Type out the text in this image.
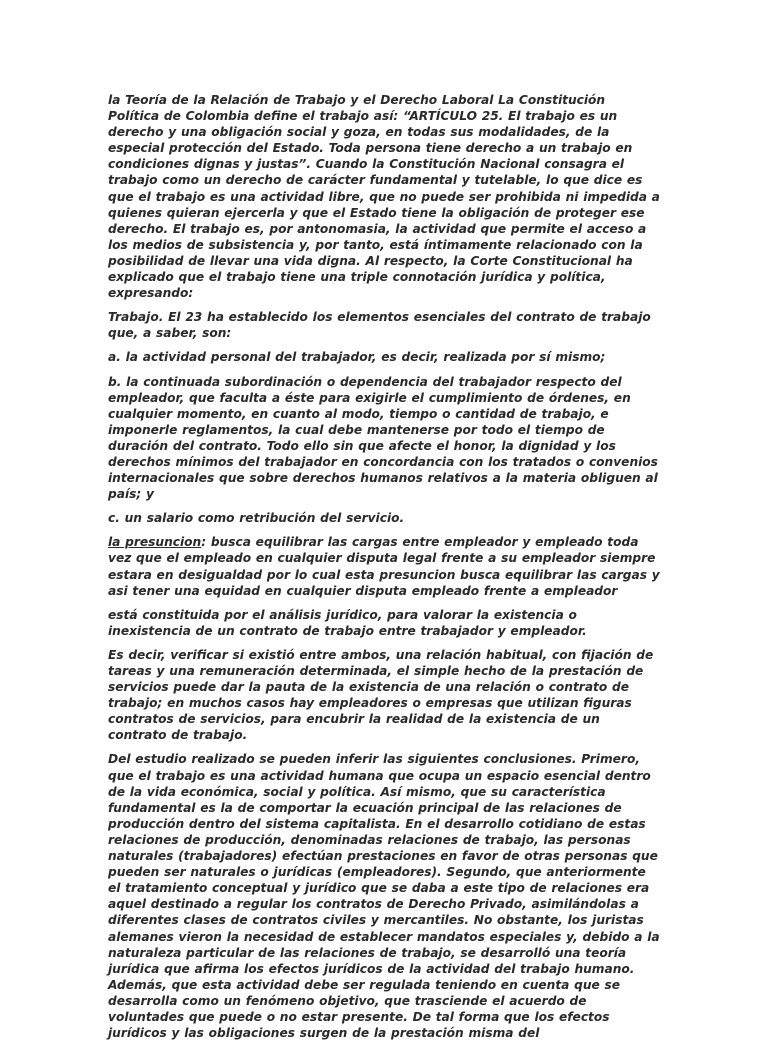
la Teoría de la Relación de Trabajo y el Derecho Laboral La Constitución Política de Colombia define el trabajo así: “ARTÍCULO 25. El trabajo es un derecho y una obligación social y goza, en todas sus modalidades, de la especial protección del Estado. Toda persona tiene derecho a un trabajo en condiciones dignas y justas”. Cuando la Constitución Nacional consagra el trabajo como un derecho de carácter fundamental y tutelable, lo que dice es que el trabajo es una actividad libre, que no puede ser prohibida ni impedida a quienes quieran ejercerla y que el Estado tiene la obligación de proteger ese derecho. El trabajo es, por antonomasia, la actividad que permite el acceso a los medios de subsistencia y, por tanto, está íntimamente relacionado con la posibilidad de llevar una vida digna. Al respecto, la Corte Constitucional ha explicado que el trabajo tiene una triple connotación jurídica y política, expresando:

Trabajo. El 23 ha establecido los elementos esenciales del contrato de trabajo que, a saber, son:

a. la actividad personal del trabajador, es decir, realizada por sí mismo;

b. la continuada subordinación o dependencia del trabajador respecto del empleador, que faculta a éste para exigirle el cumplimiento de órdenes, en cualquier momento, en cuanto al modo, tiempo o cantidad de trabajo, e imponerle reglamentos, la cual debe mantenerse por todo el tiempo de duración del contrato. Todo ello sin que afecte el honor, la dignidad y los derechos mínimos del trabajador en concordancia con los tratados o convenios internacionales que sobre derechos humanos relativos a la materia obliguen al país; y

c. un salario como retribución del servicio.

la presuncion: busca equilibrar las cargas entre empleador y empleado toda vez que el empleado en cualquier disputa legal frente a su empleador siempre estara en desigualdad por lo cual esta presuncion busca equilibrar las cargas y asi tener una equidad en cualquier disputa empleado frente a empleador

está constituida por el análisis jurídico, para valorar la existencia o inexistencia de un contrato de trabajo entre trabajador y empleador.

Es decir, verificar si existió entre ambos, una relación habitual, con fijación de tareas y una remuneración determinada, el simple hecho de la prestación de servicios puede dar la pauta de la existencia de una relación o contrato de trabajo; en muchos casos hay empleadores o empresas que utilizan figuras contratos de servicios, para encubrir la realidad de la existencia de un contrato de trabajo.

Del estudio realizado se pueden inferir las siguientes conclusiones. Primero, que el trabajo es una actividad humana que ocupa un espacio esencial dentro de la vida económica, social y política. Así mismo, que su característica fundamental es la de comportar la ecuación principal de las relaciones de producción dentro del sistema capitalista. En el desarrollo cotidiano de estas relaciones de producción, denominadas relaciones de trabajo, las personas naturales (trabajadores) efectúan prestaciones en favor de otras personas que pueden ser naturales o jurídicas (empleadores). Segundo, que anteriormente el tratamiento conceptual y jurídico que se daba a este tipo de relaciones era aquel destinado a regular los contratos de Derecho Privado, asimilándolas a diferentes clases de contratos civiles y mercantiles. No obstante, los juristas alemanes vieron la necesidad de establecer mandatos especiales y, debido a la naturaleza particular de las relaciones de trabajo, se desarrolló una teoría jurídica que afirma los efectos jurídicos de la actividad del trabajo humano. Además, que esta actividad debe ser regulada teniendo en cuenta que se desarrolla como un fenómeno objetivo, que trasciende el acuerdo de voluntades que puede o no estar presente. De tal forma que los efectos jurídicos y las obligaciones surgen de la prestación misma del
